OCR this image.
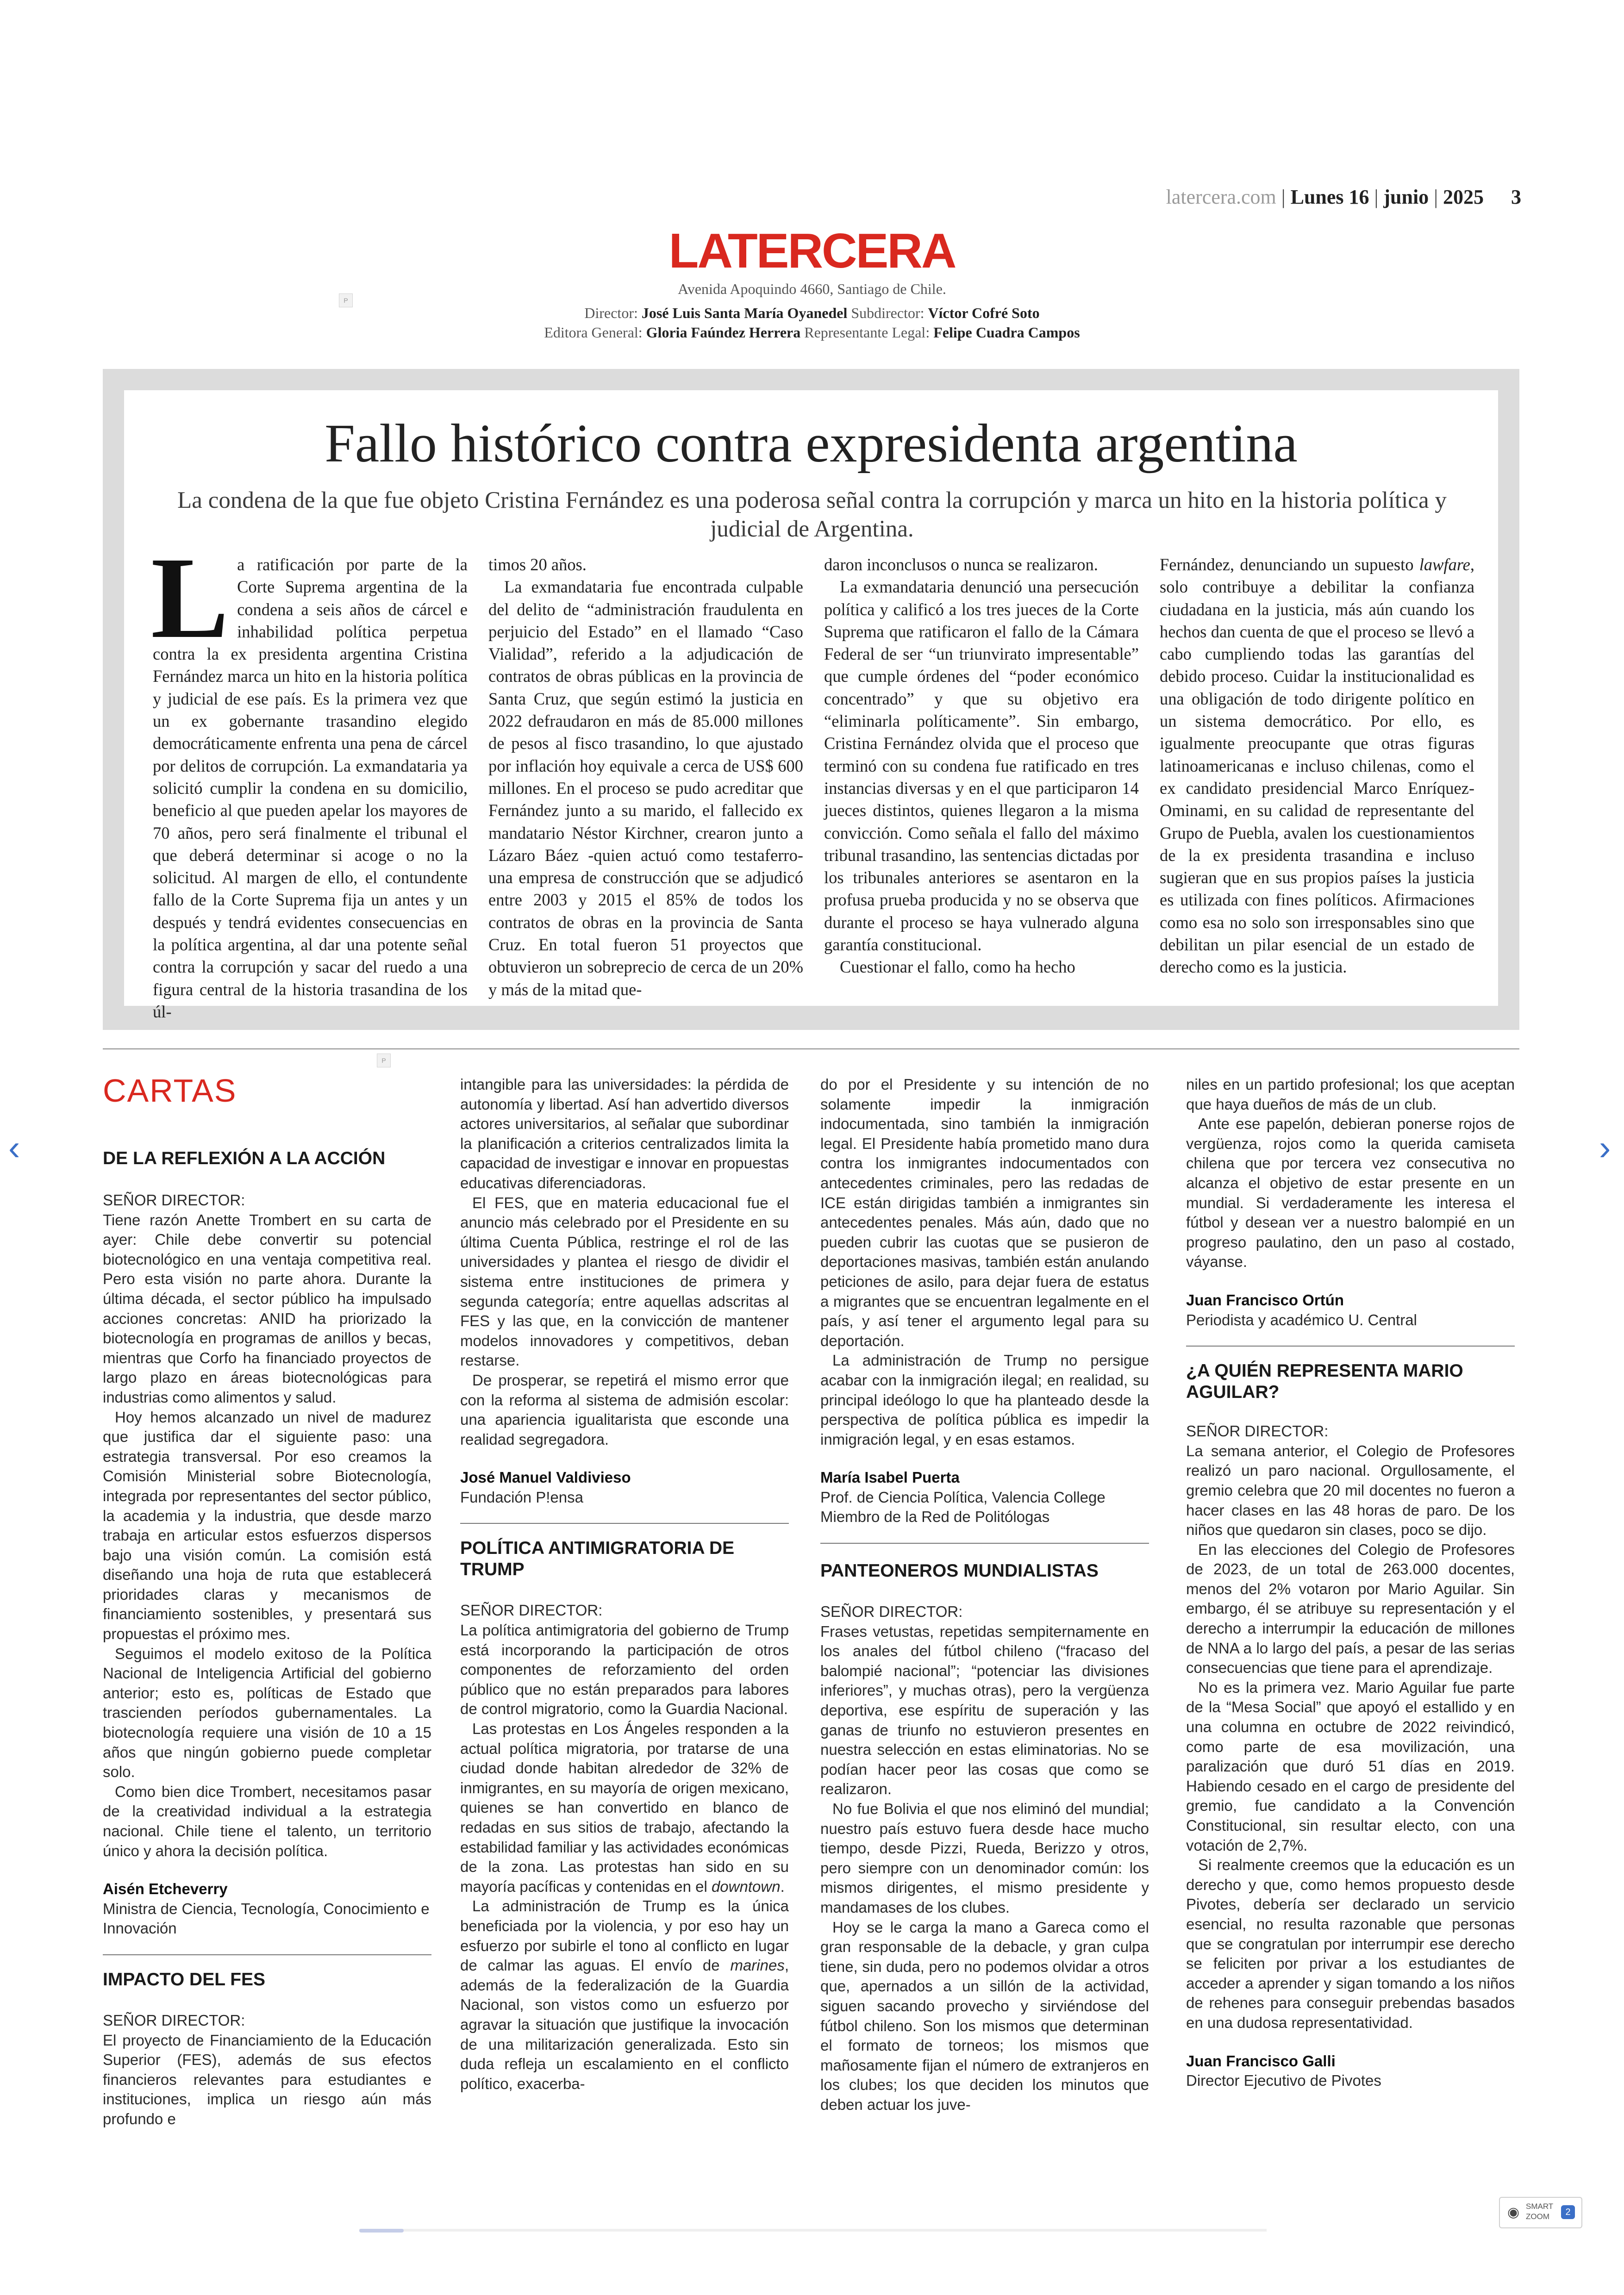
latercera.com | Lunes 16 | junio | 2025 3
LATERCERA
Avenida Apoquindo 4660, Santiago de Chile.
Director: José Luis Santa María Oyanedel Subdirector: Víctor Cofré Soto
Editora General: Gloria Faúndez Herrera Representante Legal: Felipe Cuadra Campos
P
Fallo histórico contra expresidenta argentina
La condena de la que fue objeto Cristina Fernández es una poderosa señal contra la corrupción y marca un hito en la historia política y judicial de Argentina.
L a ratificación por parte de la Corte Suprema argentina de la condena a seis años de cárcel e inhabilidad política perpetua contra la ex presidenta argentina Cristina Fernández marca un hito en la historia política y judicial de ese país. Es la primera vez que un ex gobernante trasandino elegido democráticamente enfrenta una pena de cárcel por delitos de corrupción. La exmandataria ya solicitó cumplir la condena en su domicilio, beneficio al que pueden apelar los mayores de 70 años, pero será finalmente el tribunal el que deberá determinar si acoge o no la solicitud. Al margen de ello, el contundente fallo de la Corte Suprema fija un antes y un después y tendrá evidentes consecuencias en la política argentina, al dar una potente señal contra la corrupción y sacar del ruedo a una figura central de la historia trasandina de los úl-

timos 20 años.

La exmandataria fue encontrada culpable del delito de “administración fraudulenta en perjuicio del Estado” en el llamado “Caso Vialidad”, referido a la adjudicación de contratos de obras públicas en la provincia de Santa Cruz, que según estimó la justicia en 2022 defraudaron en más de 85.000 millones de pesos al fisco trasandino, lo que ajustado por inflación hoy equivale a cerca de US$ 600 millones. En el proceso se pudo acreditar que Fernández junto a su marido, el fallecido ex mandatario Néstor Kirchner, crearon junto a Lázaro Báez -quien actuó como testaferro- una empresa de construcción que se adjudicó entre 2003 y 2015 el 85% de todos los contratos de obras en la provincia de Santa Cruz. En total fueron 51 proyectos que obtuvieron un sobreprecio de cerca de un 20% y más de la mitad que-

daron inconclusos o nunca se realizaron.

La exmandataria denunció una persecución política y calificó a los tres jueces de la Corte Suprema que ratificaron el fallo de la Cámara Federal de ser “un triunvirato impresentable” que cumple órdenes del “poder económico concentrado” y que su objetivo era “eliminarla políticamente”. Sin embargo, Cristina Fernández olvida que el proceso que terminó con su condena fue ratificado en tres instancias diversas y en el que participaron 14 jueces distintos, quienes llegaron a la misma convicción. Como señala el fallo del máximo tribunal trasandino, las sentencias dictadas por los tribunales anteriores se asentaron en la profusa prueba producida y no se observa que durante el proceso se haya vulnerado alguna garantía constitucional.

Cuestionar el fallo, como ha hecho

Fernández, denunciando un supuesto lawfare, solo contribuye a debilitar la confianza ciudadana en la justicia, más aún cuando los hechos dan cuenta de que el proceso se llevó a cabo cumpliendo todas las garantías del debido proceso. Cuidar la institucionalidad es una obligación de todo dirigente político en un sistema democrático. Por ello, es igualmente preocupante que otras figuras latinoamericanas e incluso chilenas, como el ex candidato presidencial Marco Enríquez-Ominami, en su calidad de representante del Grupo de Puebla, avalen los cuestionamientos de la ex presidenta trasandina e incluso sugieran que en sus propios países la justicia es utilizada con fines políticos. Afirmaciones como esa no solo son irresponsables sino que debilitan un pilar esencial de un estado de derecho como es la justicia.

P
CARTAS

DE LA REFLEXIÓN A LA ACCIÓN

SEÑOR DIRECTOR:

Tiene razón Anette Trombert en su carta de ayer: Chile debe convertir su potencial biotecnológico en una ventaja competitiva real. Pero esta visión no parte ahora. Durante la última década, el sector público ha impulsado acciones concretas: ANID ha priorizado la biotecnología en programas de anillos y becas, mientras que Corfo ha financiado proyectos de largo plazo en áreas biotecnológicas para industrias como alimentos y salud.

Hoy hemos alcanzado un nivel de madurez que justifica dar el siguiente paso: una estrategia transversal. Por eso creamos la Comisión Ministerial sobre Biotecnología, integrada por representantes del sector público, la academia y la industria, que desde marzo trabaja en articular estos esfuerzos dispersos bajo una visión común. La comisión está diseñando una hoja de ruta que establecerá prioridades claras y mecanismos de financiamiento sostenibles, y presentará sus propuestas el próximo mes.

Seguimos el modelo exitoso de la Política Nacional de Inteligencia Artificial del gobierno anterior; esto es, políticas de Estado que trascienden períodos gubernamentales. La biotecnología requiere una visión de 10 a 15 años que ningún gobierno puede completar solo.

Como bien dice Trombert, necesitamos pasar de la creatividad individual a la estrategia nacional. Chile tiene el talento, un territorio único y ahora la decisión política.

Aisén Etcheverry

Ministra de Ciencia, Tecnología, Conocimiento e Innovación

IMPACTO DEL FES

SEÑOR DIRECTOR:

El proyecto de Financiamiento de la Educación Superior (FES), además de sus efectos financieros relevantes para estudiantes e instituciones, implica un riesgo aún más profundo e

intangible para las universidades: la pérdida de autonomía y libertad. Así han advertido diversos actores universitarios, al señalar que subordinar la planificación a criterios centralizados limita la capacidad de investigar e innovar en propuestas educativas diferenciadoras.

El FES, que en materia educacional fue el anuncio más celebrado por el Presidente en su última Cuenta Pública, restringe el rol de las universidades y plantea el riesgo de dividir el sistema entre instituciones de primera y segunda categoría; entre aquellas adscritas al FES y las que, en la convicción de mantener modelos innovadores y competitivos, deban restarse.

De prosperar, se repetirá el mismo error que con la reforma al sistema de admisión escolar: una apariencia igualitarista que esconde una realidad segregadora.

José Manuel Valdivieso

Fundación P!ensa

POLÍTICA ANTIMIGRATORIA DE TRUMP

SEÑOR DIRECTOR:

La política antimigratoria del gobierno de Trump está incorporando la participación de otros componentes de reforzamiento del orden público que no están preparados para labores de control migratorio, como la Guardia Nacional.

Las protestas en Los Ángeles responden a la actual política migratoria, por tratarse de una ciudad donde habitan alrededor de 32% de inmigrantes, en su mayoría de origen mexicano, quienes se han convertido en blanco de redadas en sus sitios de trabajo, afectando la estabilidad familiar y las actividades económicas de la zona. Las protestas han sido en su mayoría pacíficas y contenidas en el downtown.

La administración de Trump es la única beneficiada por la violencia, y por eso hay un esfuerzo por subirle el tono al conflicto en lugar de calmar las aguas. El envío de marines, además de la federalización de la Guardia Nacional, son vistos como un esfuerzo por agravar la situación que justifique la invocación de una militarización generalizada. Esto sin duda refleja un escalamiento en el conflicto político, exacerba-

do por el Presidente y su intención de no solamente impedir la inmigración indocumentada, sino también la inmigración legal. El Presidente había prometido mano dura contra los inmigrantes indocumentados con antecedentes criminales, pero las redadas de ICE están dirigidas también a inmigrantes sin antecedentes penales. Más aún, dado que no pueden cubrir las cuotas que se pusieron de deportaciones masivas, también están anulando peticiones de asilo, para dejar fuera de estatus a migrantes que se encuentran legalmente en el país, y así tener el argumento legal para su deportación.

La administración de Trump no persigue acabar con la inmigración ilegal; en realidad, su principal ideólogo lo que ha planteado desde la perspectiva de política pública es impedir la inmigración legal, y en esas estamos.

María Isabel Puerta

Prof. de Ciencia Política, Valencia College

Miembro de la Red de Politólogas

PANTEONEROS MUNDIALISTAS

SEÑOR DIRECTOR:

Frases vetustas, repetidas sempiternamente en los anales del fútbol chileno (“fracaso del balompié nacional”; “potenciar las divisiones inferiores”, y muchas otras), pero la vergüenza deportiva, ese espíritu de superación y las ganas de triunfo no estuvieron presentes en nuestra selección en estas eliminatorias. No se podían hacer peor las cosas que como se realizaron.

No fue Bolivia el que nos eliminó del mundial; nuestro país estuvo fuera desde hace mucho tiempo, desde Pizzi, Rueda, Berizzo y otros, pero siempre con un denominador común: los mismos dirigentes, el mismo presidente y mandamases de los clubes.

Hoy se le carga la mano a Gareca como el gran responsable de la debacle, y gran culpa tiene, sin duda, pero no podemos olvidar a otros que, apernados a un sillón de la actividad, siguen sacando provecho y sirviéndose del fútbol chileno. Son los mismos que determinan el formato de torneos; los mismos que mañosamente fijan el número de extranjeros en los clubes; los que deciden los minutos que deben actuar los juve-

niles en un partido profesional; los que aceptan que haya dueños de más de un club.

Ante ese papelón, debieran ponerse rojos de vergüenza, rojos como la querida camiseta chilena que por tercera vez consecutiva no alcanza el objetivo de estar presente en un mundial. Si verdaderamente les interesa el fútbol y desean ver a nuestro balompié en un progreso paulatino, den un paso al costado, váyanse.

Juan Francisco Ortún

Periodista y académico U. Central

¿A QUIÉN REPRESENTA MARIO AGUILAR?

SEÑOR DIRECTOR:

La semana anterior, el Colegio de Profesores realizó un paro nacional. Orgullosamente, el gremio celebra que 20 mil docentes no fueron a hacer clases en las 48 horas de paro. De los niños que quedaron sin clases, poco se dijo.

En las elecciones del Colegio de Profesores de 2023, de un total de 263.000 docentes, menos del 2% votaron por Mario Aguilar. Sin embargo, él se atribuye su representación y el derecho a interrumpir la educación de millones de NNA a lo largo del país, a pesar de las serias consecuencias que tiene para el aprendizaje.

No es la primera vez. Mario Aguilar fue parte de la “Mesa Social” que apoyó el estallido y en una columna en octubre de 2022 reivindicó, como parte de esa movilización, una paralización que duró 51 días en 2019. Habiendo cesado en el cargo de presidente del gremio, fue candidato a la Convención Constitucional, sin resultar electo, con una votación de 2,7%.

Si realmente creemos que la educación es un derecho y que, como hemos propuesto desde Pivotes, debería ser declarado un servicio esencial, no resulta razonable que personas que se congratulan por interrumpir ese derecho se feliciten por privar a los estudiantes de acceder a aprender y sigan tomando a los niños de rehenes para conseguir prebendas basados en una dudosa representatividad.

Juan Francisco Galli

Director Ejecutivo de Pivotes

‹	›
◉ SMART
ZOOM	2
